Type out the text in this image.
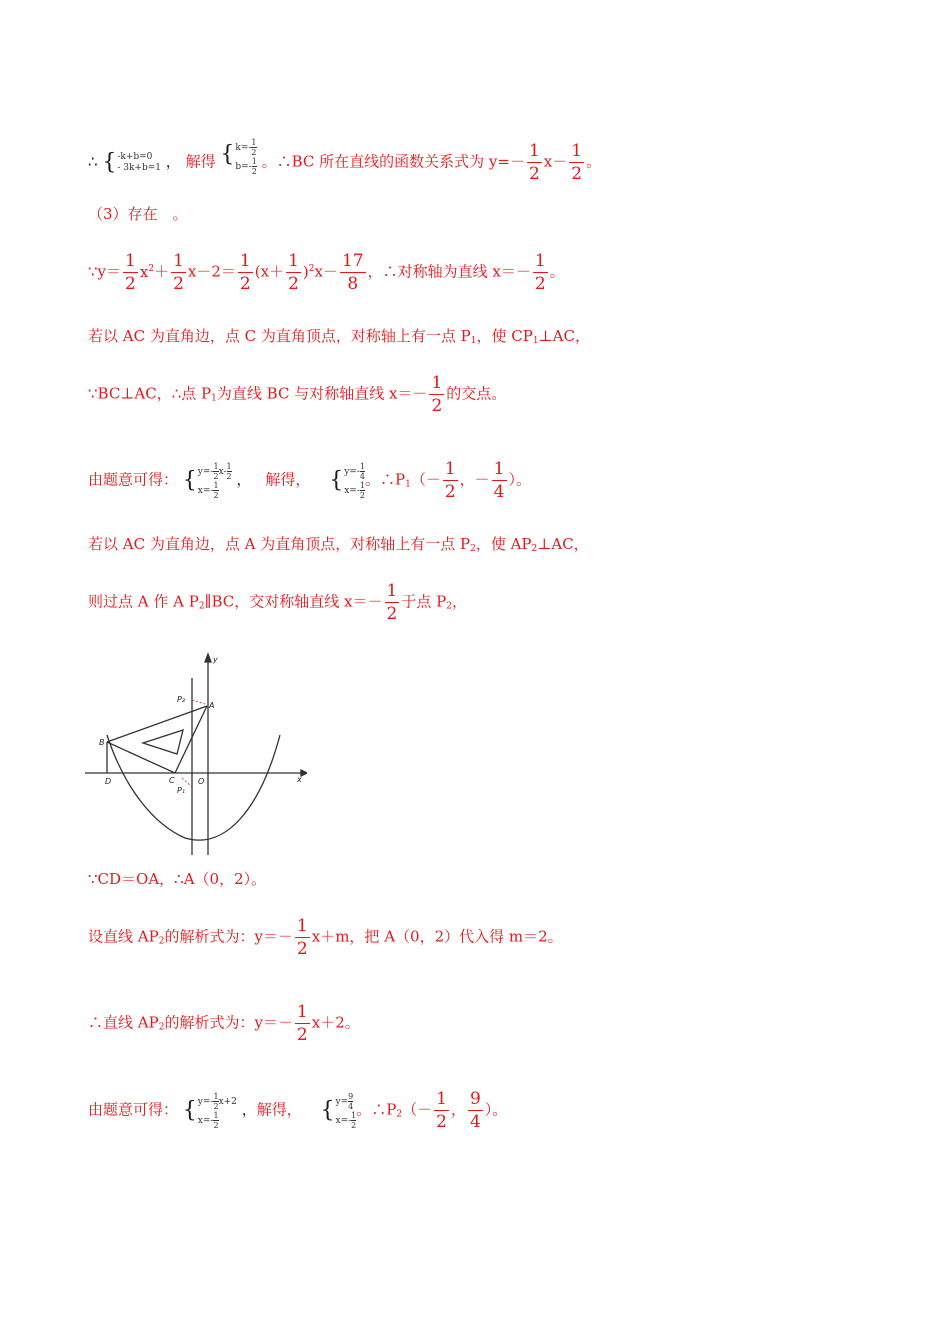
∴ { -k+b=0
- 3k+b=1 ， 解得 { $k=- \frac{1}{2}$
$b=- \frac{1}{2}$ 。∴BC 所在直线的函数关系式为 $y=- \frac{1}{2} x- \frac{1}{2}$ 。
（3）存在　。
∵y＝ $\frac{1}{2} x^2+ \frac{1}{2} x-2= \frac{1}{2} (x+ \frac{1}{2} )^2x- \frac{17}{8}$ ，∴对称轴为直线 $x=- \frac{1}{2}$ 。
若以 AC 为直角边，点 C 为直角顶点，对称轴上有一点 $P_1$，使 $CP_1\perp AC$，
∵BC⊥AC，∴点 $P_1$为直线 BC 与对称轴直线 $x=- \frac{1}{2}$ 的交点。
由题意可得： { $y=- \frac{1}{2} x- \frac{1}{2}$
$x=- \frac{1}{2}$
， 解得， { $y=- \frac{1}{4}$
$x=- \frac{1}{2}$
。$\therefore P_1(- \frac{1}{2}$ ，－ $\frac{1}{4}$ ）。
若以 AC 为直角边，点 A 为直角顶点，对称轴上有一点 $P_2$，使 $AP_2\perp AC$，
则过点 A 作 A $P_2\parallel BC$，交对称轴直线 $x=- \frac{1}{2}$ 于点 $P_2$，
y
x
A
B
C
D	O
P₂
P₁
∵CD＝OA，∴A（0，2）。
设直线 $AP_2$的解析式为：$y=- \frac{1}{2} x+m$，把 A（0，2）代入得 m＝2。
∴直线 $AP_2$的解析式为：$y=- \frac{1}{2} x+2$。
由题意可得： { $y=- \frac{1}{2} x+2$
$x=- \frac{1}{2}$
，解得， { $y= \frac{9}{4}$
$x=- \frac{1}{2}$
。$\therefore P_2(- \frac{1}{2}$ ， $\frac{9}{4}$ ）。
